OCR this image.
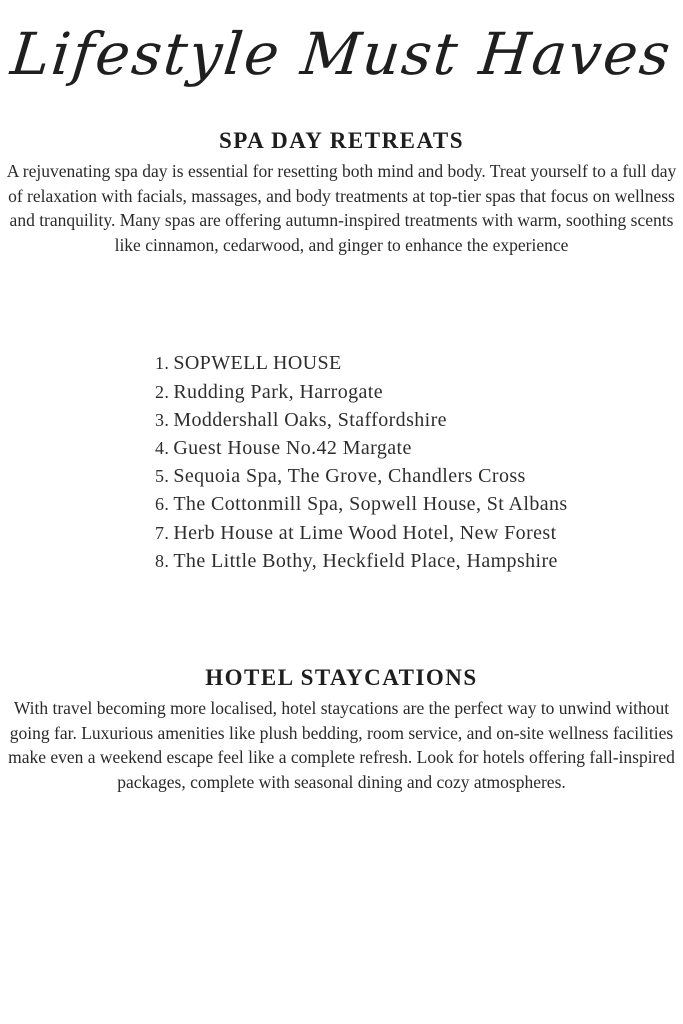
Lifestyle Must Haves
SPA DAY RETREATS

A rejuvenating spa day is essential for resetting both mind and body. Treat yourself to a full day of relaxation with facials, massages, and body treatments at top-tier spas that focus on wellness and tranquility. Many spas are offering autumn-inspired treatments with warm, soothing scents like cinnamon, cedarwood, and ginger to enhance the experience

SOPWELL HOUSE
Rudding Park, Harrogate
Moddershall Oaks, Staffordshire
Guest House No.42 Margate
Sequoia Spa, The Grove, Chandlers Cross
The Cottonmill Spa, Sopwell House, St Albans
Herb House at Lime Wood Hotel, New Forest
The Little Bothy, Heckfield Place, Hampshire
HOTEL STAYCATIONS

With travel becoming more localised, hotel staycations are the perfect way to unwind without going far. Luxurious amenities like plush bedding, room service, and on-site wellness facilities make even a weekend escape feel like a complete refresh. Look for hotels offering fall-inspired packages, complete with seasonal dining and cozy atmospheres.
